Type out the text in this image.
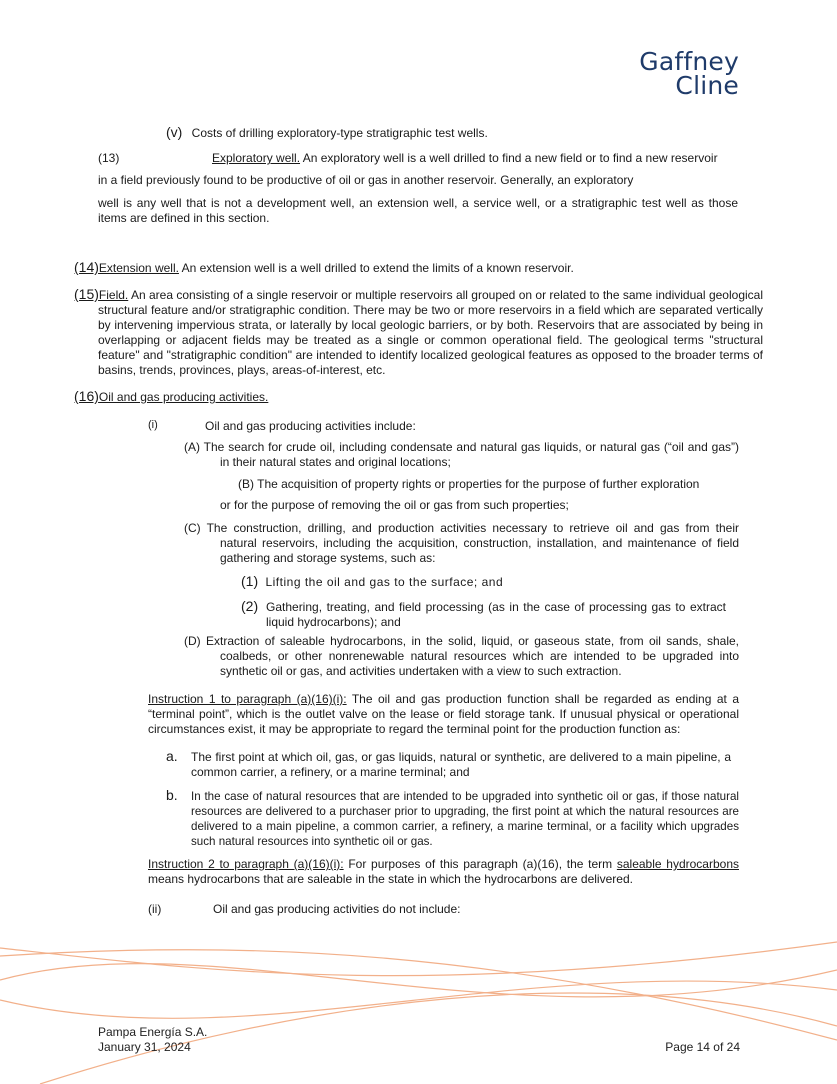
Gaffney
Cline
(v) Costs of drilling exploratory-type stratigraphic test wells.
(13)	Exploratory well. An exploratory well is a well drilled to find a new field or to find a new reservoir
in a field previously found to be productive of oil or gas in another reservoir. Generally, an exploratory
well is any well that is not a development well, an extension well, a service well, or a stratigraphic test well as those items are defined in this section.
(14)Extension well. An extension well is a well drilled to extend the limits of a known reservoir.
(15)Field. An area consisting of a single reservoir or multiple reservoirs all grouped on or related to the same individual geological structural feature and/or stratigraphic condition. There may be two or more reservoirs in a field which are separated vertically by intervening impervious strata, or laterally by local geologic barriers, or by both. Reservoirs that are associated by being in overlapping or adjacent fields may be treated as a single or common operational field. The geological terms "structural feature" and "stratigraphic condition" are intended to identify localized geological features as opposed to the broader terms of basins, trends, provinces, plays, areas-of-interest, etc.
(16)Oil and gas producing activities.
(i)	Oil and gas producing activities include:
(A) The search for crude oil, including condensate and natural gas liquids, or natural gas (“oil and gas”) in their natural states and original locations;
(B) The acquisition of property rights or properties for the purpose of further exploration
or for the purpose of removing the oil or gas from such properties;
(C) The construction, drilling, and production activities necessary to retrieve oil and gas from their natural reservoirs, including the acquisition, construction, installation, and maintenance of field gathering and storage systems, such as:
(1) Lifting the oil and gas to the surface; and
(2) Gathering, treating, and field processing (as in the case of processing gas to extract liquid hydrocarbons); and
(D) Extraction of saleable hydrocarbons, in the solid, liquid, or gaseous state, from oil sands, shale, coalbeds, or other nonrenewable natural resources which are intended to be upgraded into synthetic oil or gas, and activities undertaken with a view to such extraction.
Instruction 1 to paragraph (a)(16)(i): The oil and gas production function shall be regarded as ending at a “terminal point”, which is the outlet valve on the lease or field storage tank. If unusual physical or operational circumstances exist, it may be appropriate to regard the terminal point for the production function as:
a. The first point at which oil, gas, or gas liquids, natural or synthetic, are delivered to a main pipeline, a common carrier, a refinery, or a marine terminal; and
b. In the case of natural resources that are intended to be upgraded into synthetic oil or gas, if those natural resources are delivered to a purchaser prior to upgrading, the first point at which the natural resources are delivered to a main pipeline, a common carrier, a refinery, a marine terminal, or a facility which upgrades such natural resources into synthetic oil or gas.
Instruction 2 to paragraph (a)(16)(i): For purposes of this paragraph (a)(16), the term saleable hydrocarbons means hydrocarbons that are saleable in the state in which the hydrocarbons are delivered.
(ii)	Oil and gas producing activities do not include:
Pampa Energía S.A.
January 31, 2024	Page 14 of 24
